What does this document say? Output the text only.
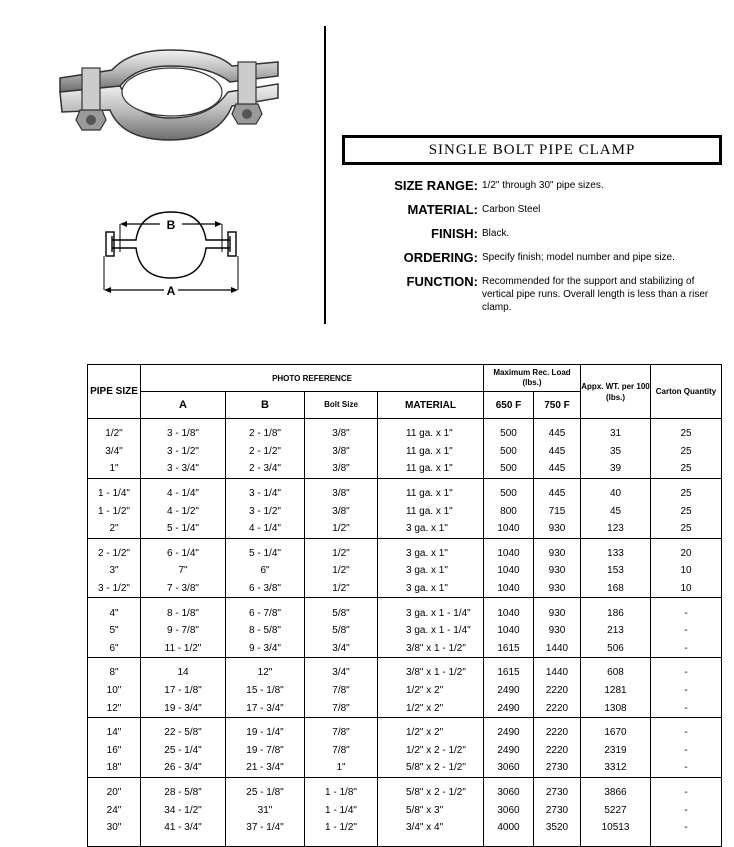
B
A
SINGLE BOLT PIPE CLAMP
SIZE RANGE: 1/2" through 30" pipe sizes.
MATERIAL: Carbon Steel
FINISH: Black.
ORDERING: Specify finish; model number and pipe size.
FUNCTION: Recommended for the support and stabilizing of vertical pipe runs. Overall length is less than a riser clamp.
PIPE SIZE	PHOTO REFERENCE				Maximum Rec. Load (lbs.)		Appx. WT. per 100 (lbs.)	Carton Quantity
	A	B	Bolt Size	MATERIAL	650 F	750 F		
1/2"	3 - 1/8"	2 - 1/8"	3/8"	11 ga. x 1"	500	445	31	25
3/4"	3 - 1/2"	2 - 1/2"	3/8"	11 ga. x 1"	500	445	35	25
1"	3 - 3/4"	2 - 3/4"	3/8"	11 ga. x 1"	500	445	39	25
1 - 1/4"	4 - 1/4"	3 - 1/4"	3/8"	11 ga. x 1"	500	445	40	25
1 - 1/2"	4 - 1/2"	3 - 1/2"	3/8"	11 ga. x 1"	800	715	45	25
2"	5 - 1/4"	4 - 1/4"	1/2"	3 ga. x 1"	1040	930	123	25
2 - 1/2"	6 - 1/4"	5 - 1/4"	1/2"	3 ga. x 1"	1040	930	133	20
3"	7"	6"	1/2"	3 ga. x 1"	1040	930	153	10
3 - 1/2"	7 - 3/8"	6 - 3/8"	1/2"	3 ga. x 1"	1040	930	168	10
4"	8 - 1/8"	6 - 7/8"	5/8"	3 ga. x 1 - 1/4"	1040	930	186	-
5"	9 - 7/8"	8 - 5/8"	5/8"	3 ga. x 1 - 1/4"	1040	930	213	-
6"	11 - 1/2"	9 - 3/4"	3/4"	3/8" x 1 - 1/2"	1615	1440	506	-
8"	14	12"	3/4"	3/8" x 1 - 1/2"	1615	1440	608	-
10"	17 - 1/8"	15 - 1/8"	7/8"	1/2" x 2"	2490	2220	1281	-
12"	19 - 3/4"	17 - 3/4"	7/8"	1/2" x 2"	2490	2220	1308	-
14"	22 - 5/8"	19 - 1/4"	7/8"	1/2" x 2"	2490	2220	1670	-
16"	25 - 1/4"	19 - 7/8"	7/8"	1/2" x 2 - 1/2"	2490	2220	2319	-
18"	26 - 3/4"	21 - 3/4"	1"	5/8" x 2 - 1/2"	3060	2730	3312	-
20"	28 - 5/8"	25 - 1/8"	1 - 1/8"	5/8" x 2 - 1/2"	3060	2730	3866	-
24"	34 - 1/2"	31"	1 - 1/4"	5/8" x 3"	3060	2730	5227	-
30"	41 - 3/4"	37 - 1/4"	1 - 1/2"	3/4" x 4"	4000	3520	10513	-
